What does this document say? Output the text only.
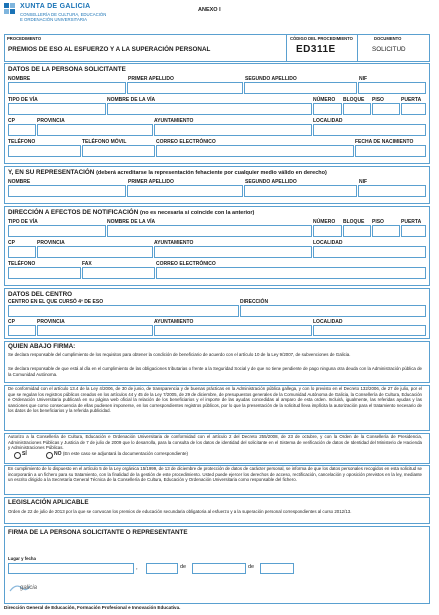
XUNTA DE GALICIA
CONSELLERÍA DE CULTURA, EDUCACIÓN
E ORDENACIÓN UNIVERSITARIA
ANEXO I
PROCEDIMENTO
PREMIOS DE ESO AL ESFUERZO Y A LA SUPERACIÓN PERSONAL
CÓDIGO DEL PROCEDIMIENTO
ED311E
DOCUMENTO
SOLICITUD
DATOS DE LA PERSONA SOLICITANTE
NOMBRE	PRIMER APELLIDO	SEGUNDO APELLIDO	NIF
TIPO DE VÍA	NOMBRE DE LA VÍA	NÚMERO BLOQUE PISO	PUERTA
CP	PROVINCIA	AYUNTAMIENTO	LOCALIDAD
TELÉFONO	TELÉFONO MÓVIL	CORREO ELECTRÓNICO	FECHA DE NACIMIENTO
Y, EN SU REPRESENTACIÓN (deberá acreditarse la representación fehaciente por cualquier medio válido en derecho)
NOMBRE	PRIMER APELLIDO	SEGUNDO APELLIDO	NIF
DIRECCIÓN A EFECTOS DE NOTIFICACIÓN (no es necesaria si coincide con la anterior)
TIPO DE VÍA	NOMBRE DE LA VÍA	NÚMERO BLOQUE PISO	PUERTA
CP	PROVINCIA	AYUNTAMIENTO	LOCALIDAD
TELÉFONO	FAX	CORREO ELECTRÓNICO
DATOS DEL CENTRO
CENTRO EN EL QUE CURSÓ 4º DE ESO	DIRECCIÓN
CP	PROVINCIA	AYUNTAMIENTO	LOCALIDAD
QUIEN ABAJO FIRMA:
Se declara responsable del cumplimiento de los requisitos para obtener la condición de beneficiario de acuerdo con el artículo 10 de la Ley 9/2007, de subvenciones de Galicia.
Se declara responsable de que está al día en el cumplimiento de las obligaciones tributarias o frente a la Seguridad Social y de que no tiene pendiente de pago ninguna otra deuda con la Administración pública de la Comunidad Autónoma.
De conformidad con el artículo 13.4 de la Ley 4/2006, de 30 de junio, de transparencia y de buenas prácticas en la Administración pública gallega, y con lo previsto en el Decreto 132/2006, de 27 de julio, por el que se regulan los registros públicos creados en los artículos 44 y 45 de la Ley 7/2005, de 29 de diciembre, de presupuestos generales de la Comunidad Autónoma de Galicia, la Consellería de Cultura, Educación e Ordenación Universitaria publicará en su página web oficial la relación de los beneficiarios y el importe de las ayudas concedidas al amparo de esta orden. Incluirá, igualmente, las referidas ayudas y las sanciones que como consecuencia de ellas pudiesen imponerse, en los correspondientes registros públicos, por lo que la presentación de la solicitud lleva implícita la autorización para el tratamiento necesario de los datos de los beneficiarios y la referida publicidad.
Autorizo a la Consellería de Cultura, Educación e Ordenación Universitaria de conformidad con el artículo 2 del Decreto 255/2008, de 23 de octubre, y con la Orden de la Consellería de Presidencia, Administraciones Públicas y Justicia de 7 de julio de 2009 que lo desarrolla, para la consulta de los datos de identidad del solicitante en el Sistema de verificación de datos de Identidad del Ministerio de Hacienda y Administraciones Públicas.
SÍ	NO (En este caso se adjuntará la documentación correspondiente)
En cumplimiento de lo dispuesto en el artículo 5 de la Ley orgánica 15/1999, de 13 de diciembre de protección de datos de carácter personal, se informa de que los datos personales recogidos en esta solicitud se incorporarán a un fichero para su tratamiento, con la finalidad de la gestión de este procedimiento. Usted puede ejercer los derechos de acceso, rectificación, cancelación y oposición previstos en la ley, mediante un escrito dirigido a la Secretaría General Técnica de la Consellería de Cultura, Educación y Ordenación Universitaria como responsable del fichero.
LEGISLACIÓN APLICABLE
Orden de 22 de julio de 2013 por la que se convocan los premios de educación secundaria obligatoria al esfuerzo y a la superación personal correspondientes al curso 2012/13.
FIRMA DE LA PERSONA SOLICITANTE O REPRESENTANTE
Lugar y fecha
,	de	de
galicia
Dirección General de Educación, Formación Profesional e Innovación Educativa.
